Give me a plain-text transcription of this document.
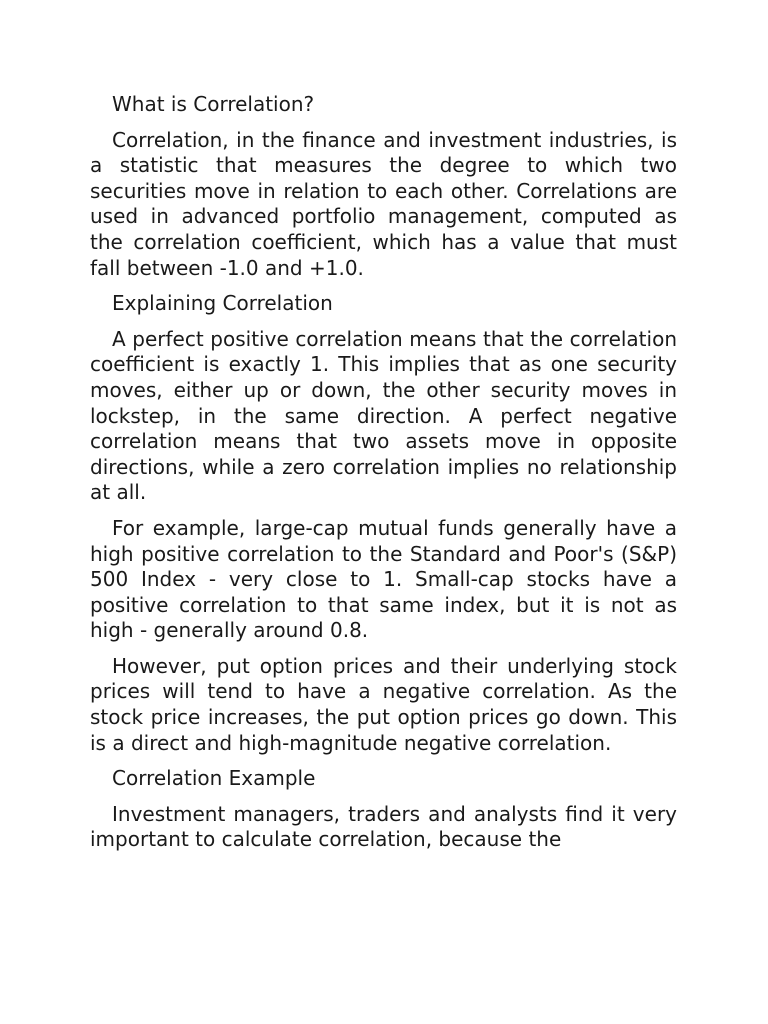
What is Correlation?

Correlation, in the finance and investment industries, is a statistic that measures the degree to which two securities move in relation to each other. Correlations are used in advanced portfolio management, computed as the correlation coefficient, which has a value that must fall between -1.0 and +1.0.

Explaining Correlation

A perfect positive correlation means that the correlation coefficient is exactly 1. This implies that as one security moves, either up or down, the other security moves in lockstep, in the same direction. A perfect negative correlation means that two assets move in opposite directions, while a zero correlation implies no relationship at all.

For example, large-cap mutual funds generally have a high positive correlation to the Standard and Poor's (S&P) 500 Index - very close to 1. Small-cap stocks have a positive correlation to that same index, but it is not as high - generally around 0.8.

However, put option prices and their underlying stock prices will tend to have a negative correlation. As the stock price increases, the put option prices go down. This is a direct and high-magnitude negative correlation.

Correlation Example

Investment managers, traders and analysts find it very important to calculate correlation, because the
